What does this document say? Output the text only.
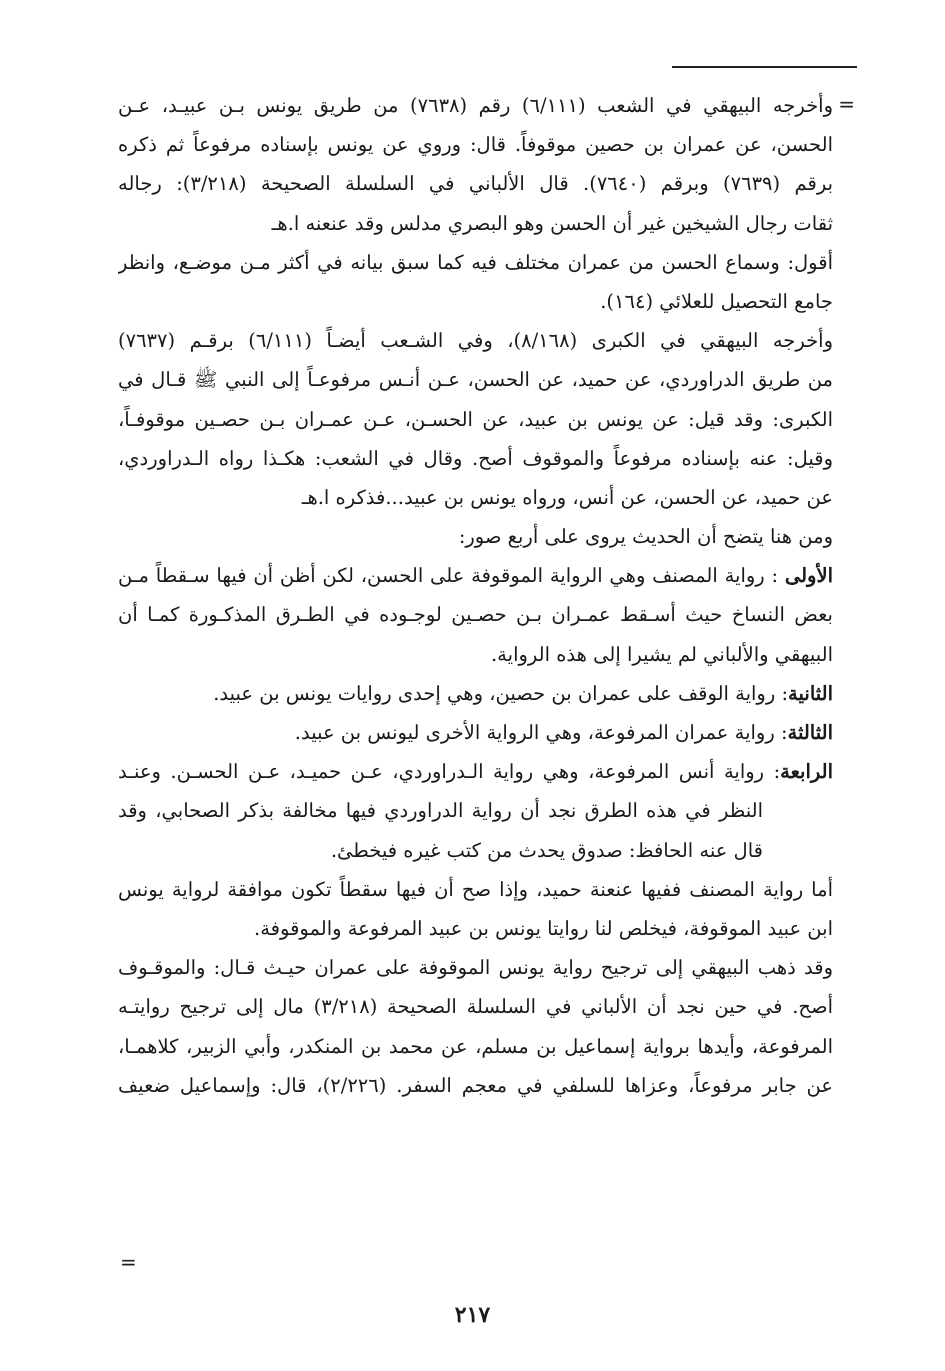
=
وأخرجه البيهقي في الشعب (٦/١١١) رقم (٧٦٣٨) من طريق يونس بـن عبيـد، عـن
الحسن، عن عمران بن حصين موقوفاً. قال: وروي عن يونس بإسناده مرفوعاً ثم ذكره
برقم (٧٦٣٩) وبرقم (٧٦٤٠). قال الألباني في السلسلة الصحيحة (٣/٢١٨): رجاله
ثقات رجال الشيخين غير أن الحسن وهو البصري مدلس وقد عنعنه ا.هـ
أقول: وسماع الحسن من عمران مختلف فيه كما سبق بيانه في أكثر مـن موضـع، وانظر
جامع التحصيل للعلائي (١٦٤).
وأخرجه البيهقي في الكبرى (٨/١٦٨)، وفي الشـعب أيضـاً (٦/١١١) برقـم (٧٦٣٧)
من طريق الدراوردي، عن حميد، عن الحسن، عـن أنـس مرفوعـاً إلى النبي ﷺ قـال في
الكبرى: وقد قيل: عن يونس بن عبيد، عن الحسـن، عـن عمـران بـن حصـين موقوفـاً،
وقيل: عنه بإسناده مرفوعاً والموقوف أصح. وقال في الشعب: هكـذا رواه الـدراوردي،
عن حميد، عن الحسن، عن أنس، ورواه يونس بن عبيد...فذكره ا.هـ
ومن هنا يتضح أن الحديث يروى على أربع صور:
الأولى : رواية المصنف وهي الرواية الموقوفة على الحسن، لكن أظن أن فيها سـقطاً مـن
بعض النساخ حيث أسـقط عمـران بـن حصـين لوجـوده في الطـرق المذكـورة كمـا أن
البيهقي والألباني لم يشيرا إلى هذه الرواية.
الثانية: رواية الوقف على عمران بن حصين، وهي إحدى روايات يونس بن عبيد.
الثالثة: رواية عمران المرفوعة، وهي الرواية الأخرى ليونس بن عبيد.
الرابعة: رواية أنس المرفوعة، وهي رواية الـدراوردي، عـن حميـد، عـن الحسـن. وعنـد
النظر في هذه الطرق نجد أن رواية الدراوردي فيها مخالفة بذكر الصحابي، وقد
قال عنه الحافظ: صدوق يحدث من كتب غيره فيخطئ.
أما رواية المصنف ففيها عنعنة حميد، وإذا صح أن فيها سقطاً تكون موافقة لرواية يونس
ابن عبيد الموقوفة، فيخلص لنا روايتا يونس بن عبيد المرفوعة والموقوفة.
وقد ذهب البيهقي إلى ترجيح رواية يونس الموقوفة على عمران حيـث قـال: والموقـوف
أصح. في حين نجد أن الألباني في السلسلة الصحيحة (٣/٢١٨) مال إلى ترجيح روايتـه
المرفوعة، وأيدها برواية إسماعيل بن مسلم، عن محمد بن المنكدر، وأبي الزبير، كلاهمـا،
عن جابر مرفوعاً، وعزاها للسلفي في معجم السفر. (٢/٢٢٦)، قال: وإسماعيل ضعيف
=
٢١٧
